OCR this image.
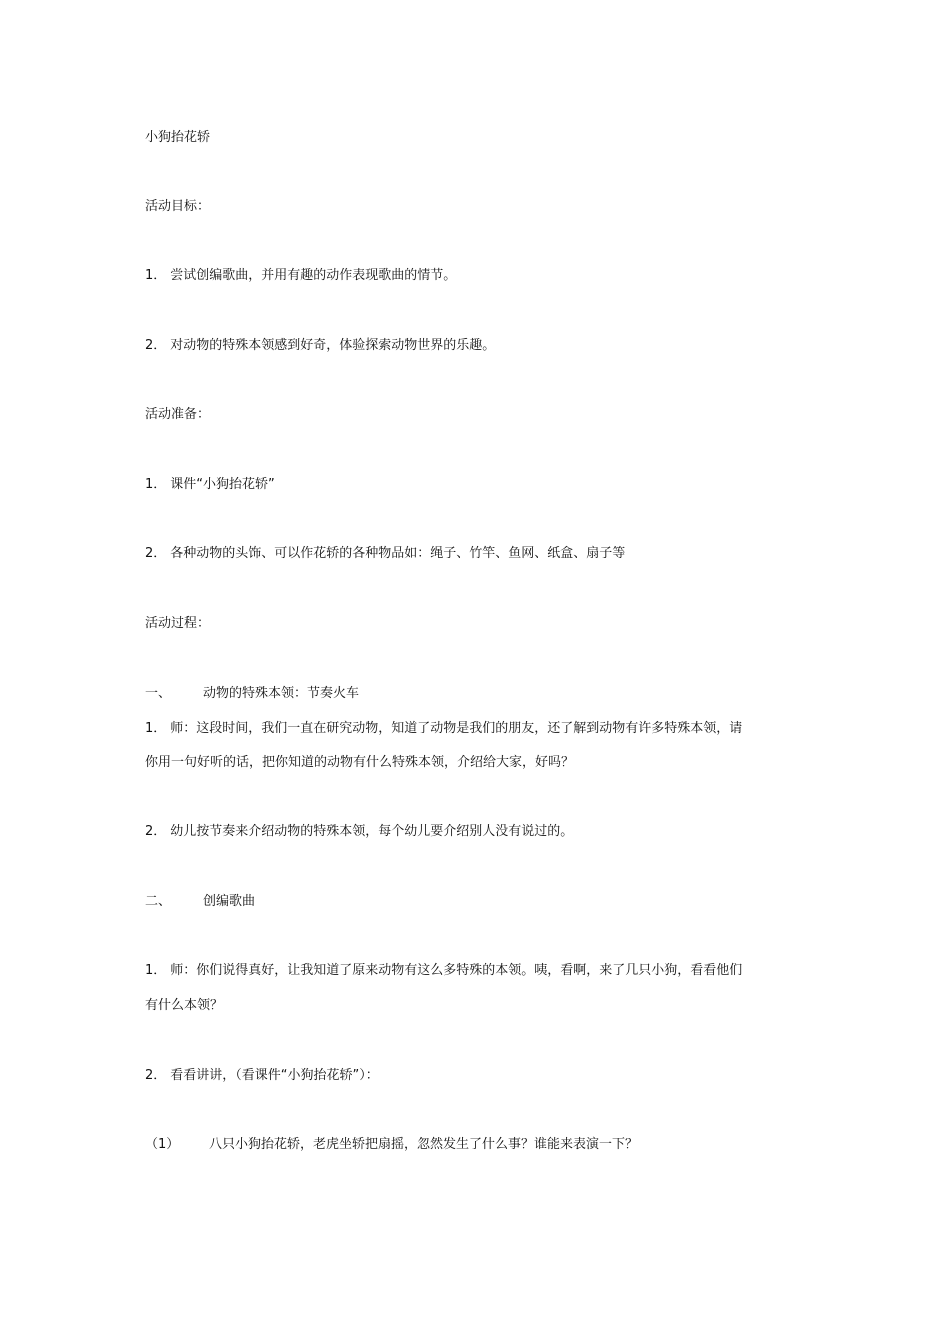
小狗抬花轿
活动目标：
1． 尝试创编歌曲，并用有趣的动作表现歌曲的情节。
2． 对动物的特殊本领感到好奇，体验探索动物世界的乐趣。
活动准备：
1． 课件“小狗抬花轿”
2． 各种动物的头饰、可以作花轿的各种物品如：绳子、竹竿、鱼网、纸盒、扇子等
活动过程：
一、 动物的特殊本领：节奏火车
1． 师：这段时间，我们一直在研究动物，知道了动物是我们的朋友，还了解到动物有许多特殊本领，请
你用一句好听的话，把你知道的动物有什么特殊本领，介绍给大家，好吗？
2． 幼儿按节奏来介绍动物的特殊本领，每个幼儿要介绍别人没有说过的。
二、 创编歌曲
1． 师：你们说得真好，让我知道了原来动物有这么多特殊的本领。咦，看啊，来了几只小狗，看看他们
有什么本领？
2． 看看讲讲，（看课件“小狗抬花轿”）：
（1） 八只小狗抬花轿，老虎坐轿把扇摇，忽然发生了什么事？谁能来表演一下？
